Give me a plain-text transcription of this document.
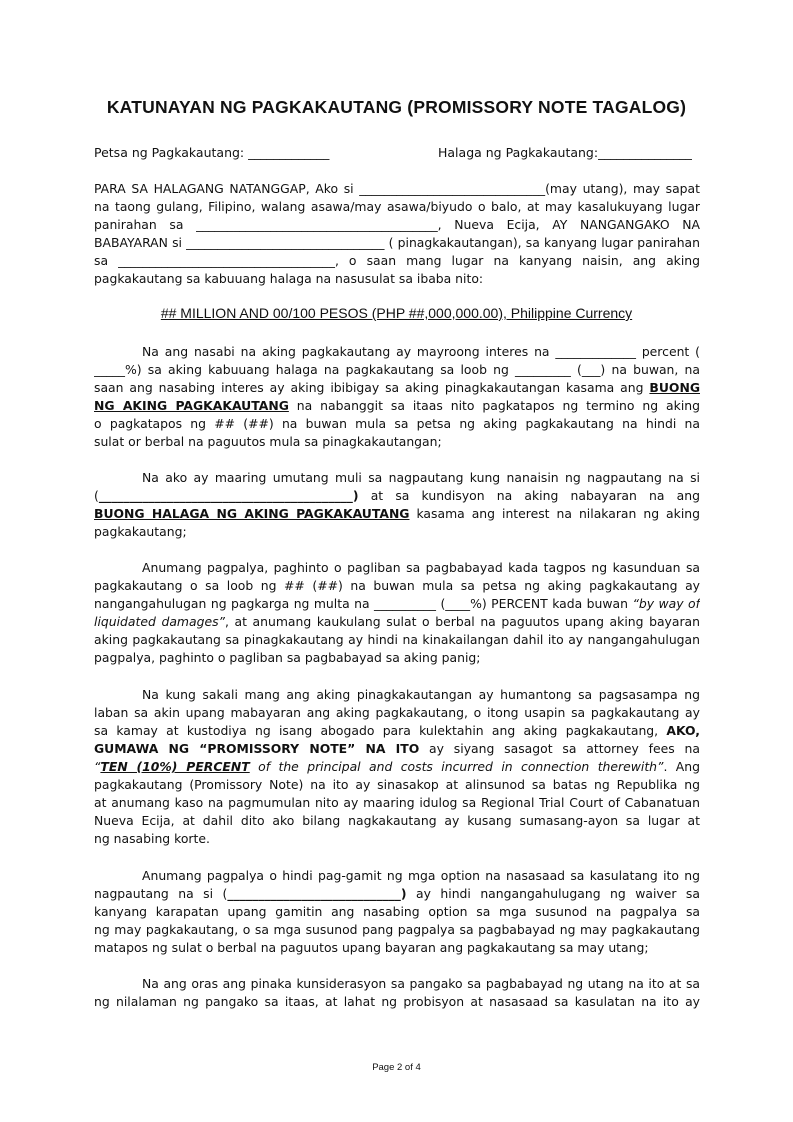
KATUNAYAN NG PAGKAKAUTANG (PROMISSORY NOTE TAGALOG)
Petsa ng Pagkakautang: _____________	Halaga ng Pagkakautang:_______________
PARA SA HALAGANG NATANGGAP, Ako si ______________________________(may utang), may sapat
na taong gulang, Filipino, walang asawa/may asawa/biyudo o balo, at may kasalukuyang lugar
panirahan sa _______________________________________, Nueva Ecija, AY NANGANGAKO NA
BABAYARAN si ________________________________ ( pinagkakautangan), sa kanyang lugar panirahan
sa ___________________________________, o saan mang lugar na kanyang naisin, ang aking
pagkakautang sa kabuuang halaga na nasusulat sa ibaba nito:
## MILLION AND 00/100 PESOS (PHP ##,000,000.00), Philippine Currency
Na ang nasabi na aking pagkakautang ay mayroong interes na _____________ percent (
_____%) sa aking kabuuang halaga na pagkakautang sa loob ng _________ (___) na buwan, na
saan ang nasabing interes ay aking ibibigay sa aking pinagkakautangan kasama ang BUONG
NG AKING PAGKAKAUTANG na nabanggit sa itaas nito pagkatapos ng termino ng aking
o pagkatapos ng ## (##) na buwan mula sa petsa ng aking pagkakautang na hindi na
sulat or berbal na paguutos mula sa pinagkakautangan;
Na ako ay maaring umutang muli sa nagpautang kung nanaisin ng nagpautang na si
(_________________________________________) at sa kundisyon na aking nabayaran na ang
BUONG HALAGA NG AKING PAGKAKAUTANG kasama ang interest na nilakaran ng aking
pagkakautang;
Anumang pagpalya, paghinto o pagliban sa pagbabayad kada tagpos ng kasunduan sa
pagkakautang o sa loob ng ## (##) na buwan mula sa petsa ng aking pagkakautang ay
nangangahulugan ng pagkarga ng multa na __________ (____%) PERCENT kada buwan “by way of
liquidated damages”, at anumang kaukulang sulat o berbal na paguutos upang aking bayaran
aking pagkakautang sa pinagkakautang ay hindi na kinakailangan dahil ito ay nangangahulugan
pagpalya, paghinto o pagliban sa pagbabayad sa aking panig;
Na kung sakali mang ang aking pinagkakautangan ay humantong sa pagsasampa ng
laban sa akin upang mabayaran ang aking pagkakautang, o itong usapin sa pagkakautang ay
sa kamay at kustodiya ng isang abogado para kulektahin ang aking pagkakautang, AKO,
GUMAWA NG “PROMISSORY NOTE” NA ITO ay siyang sasagot sa attorney fees na
“TEN (10%) PERCENT of the principal and costs incurred in connection therewith”. Ang
pagkakautang (Promissory Note) na ito ay sinasakop at alinsunod sa batas ng Republika ng
at anumang kaso na pagmumulan nito ay maaring idulog sa Regional Trial Court of Cabanatuan
Nueva Ecija, at dahil dito ako bilang nagkakautang ay kusang sumasang-ayon sa lugar at
ng nasabing korte.
Anumang pagpalya o hindi pag-gamit ng mga option na nasasaad sa kasulatang ito ng
nagpautang na si (____________________________) ay hindi nangangahulugang ng waiver sa
kanyang karapatan upang gamitin ang nasabing option sa mga susunod na pagpalya sa
ng may pagkakautang, o sa mga susunod pang pagpalya sa pagbabayad ng may pagkakautang
matapos ng sulat o berbal na paguutos upang bayaran ang pagkakautang sa may utang;
Na ang oras ang pinaka kunsiderasyon sa pangako sa pagbabayad ng utang na ito at sa
ng nilalaman ng pangako sa itaas, at lahat ng probisyon at nasasaad sa kasulatan na ito ay
Page 2 of 4
